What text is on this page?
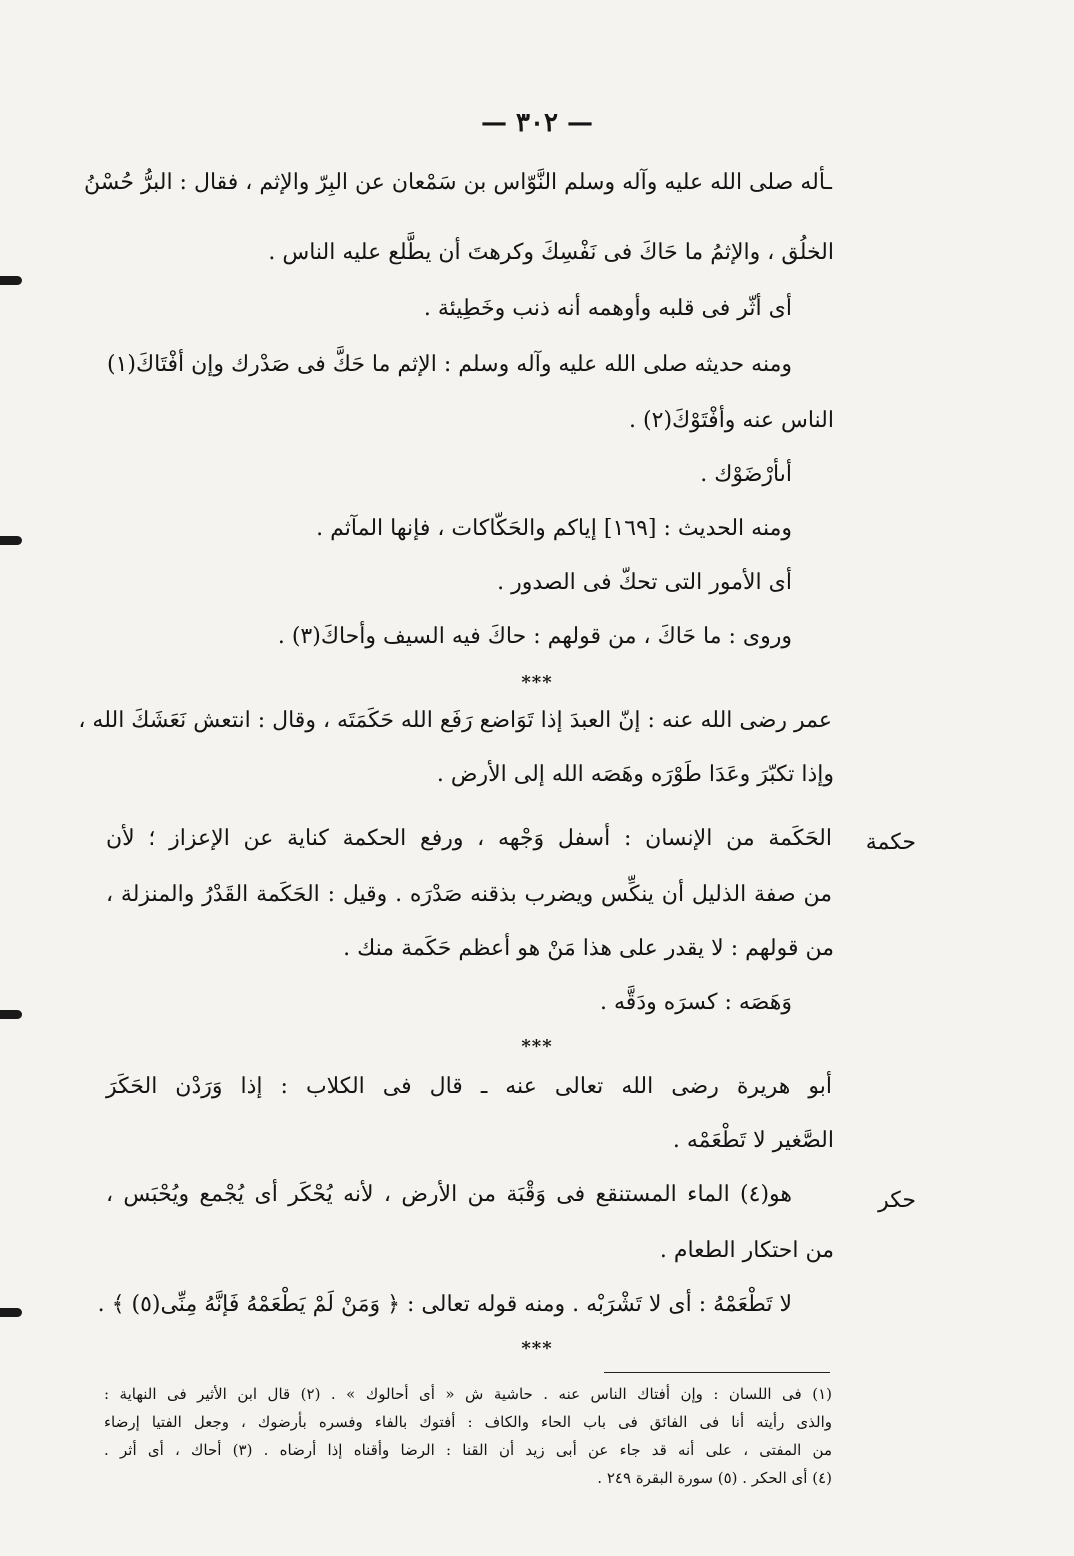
— ٣٠٢ —
ـأله صلى الله عليه وآله وسلم النَّوّاس بن سَمْعان عن البِرّ والإثم ، فقال : البرُّ حُسْنُ
الخلُق ، والإثمُ ما حَاكَ فى نَفْسِكَ وكرهتَ أن يطَّلع عليه الناس .
أى أثّر فى قلبه وأوهمه أنه ذنب وخَطِيئة .
ومنه حديثه صلى الله عليه وآله وسلم : الإثم ما حَكَّ فى صَدْرك وإن أفْتَاكَ(١)
الناس عنه وأفْتَوْكَ(٢) .
أىأرْضَوْك .
ومنه الحديث : [١٦٩] إياكم والحَكّاكات ، فإنها المآثم .
أى الأمور التى تحكّ فى الصدور .
وروى : ما حَاكَ ، من قولهم : حاكَ فيه السيف وأحاكَ(٣) .
عمر رضى الله عنه : إنّ العبدَ إذا تَوَاضع رَفَع الله حَكَمَتَه ، وقال : انتعش نَعَشَكَ الله ،
وإذا تكبّرَ وعَدَا طَوْرَه وهَصَه الله إلى الأرض .
الحَكَمة من الإنسان : أسفل وَجْهه ، ورفع الحكمة كناية عن الإعزاز ؛ لأن
من صفة الذليل أن ينكِّس ويضرب بذقنه صَدْرَه . وقيل : الحَكَمة القَدْرُ والمنزلة ،
من قولهم : لا يقدر على هذا مَنْ هو أعظم حَكَمة منك .
وَهَصَه : كسرَه ودَقَّه .
أبو هريرة رضى الله تعالى عنه ـ قال فى الكلاب : إذا وَرَدْن الحَكَرَ
الصَّغير لا تَطْعَمْه .
هو(٤) الماء المستنقع فى وَقْبَة من الأرض ، لأنه يُحْكَر أى يُجْمع ويُحْبَس ،
من احتكار الطعام .
لا تَطْعَمْهُ : أى لا تَشْرَبْه . ومنه قوله تعالى : ﴿ وَمَنْ لَمْ يَطْعَمْهُ فَإنَّهُ مِنِّى(٥) ﴾ .
***
***
***
حكمة
حكر
(١) فى اللسان : وإن أفتاك الناس عنه . حاشية ش « أى أحالوك » . (٢) قال ابن الأثير فى النهاية :
والذى رأيته أنا فى الفائق فى باب الحاء والكاف : أفتوك بالفاء وفسره بأرضوك ، وجعل الفتيا إرضاء
من المفتى ، على أنه قد جاء عن أبى زيد أن القنا : الرضا وأقناه إذا أرضاه . (٣) أحاك ، أى أثر .
(٤) أى الحكر . (٥) سورة البقرة ٢٤٩ .
